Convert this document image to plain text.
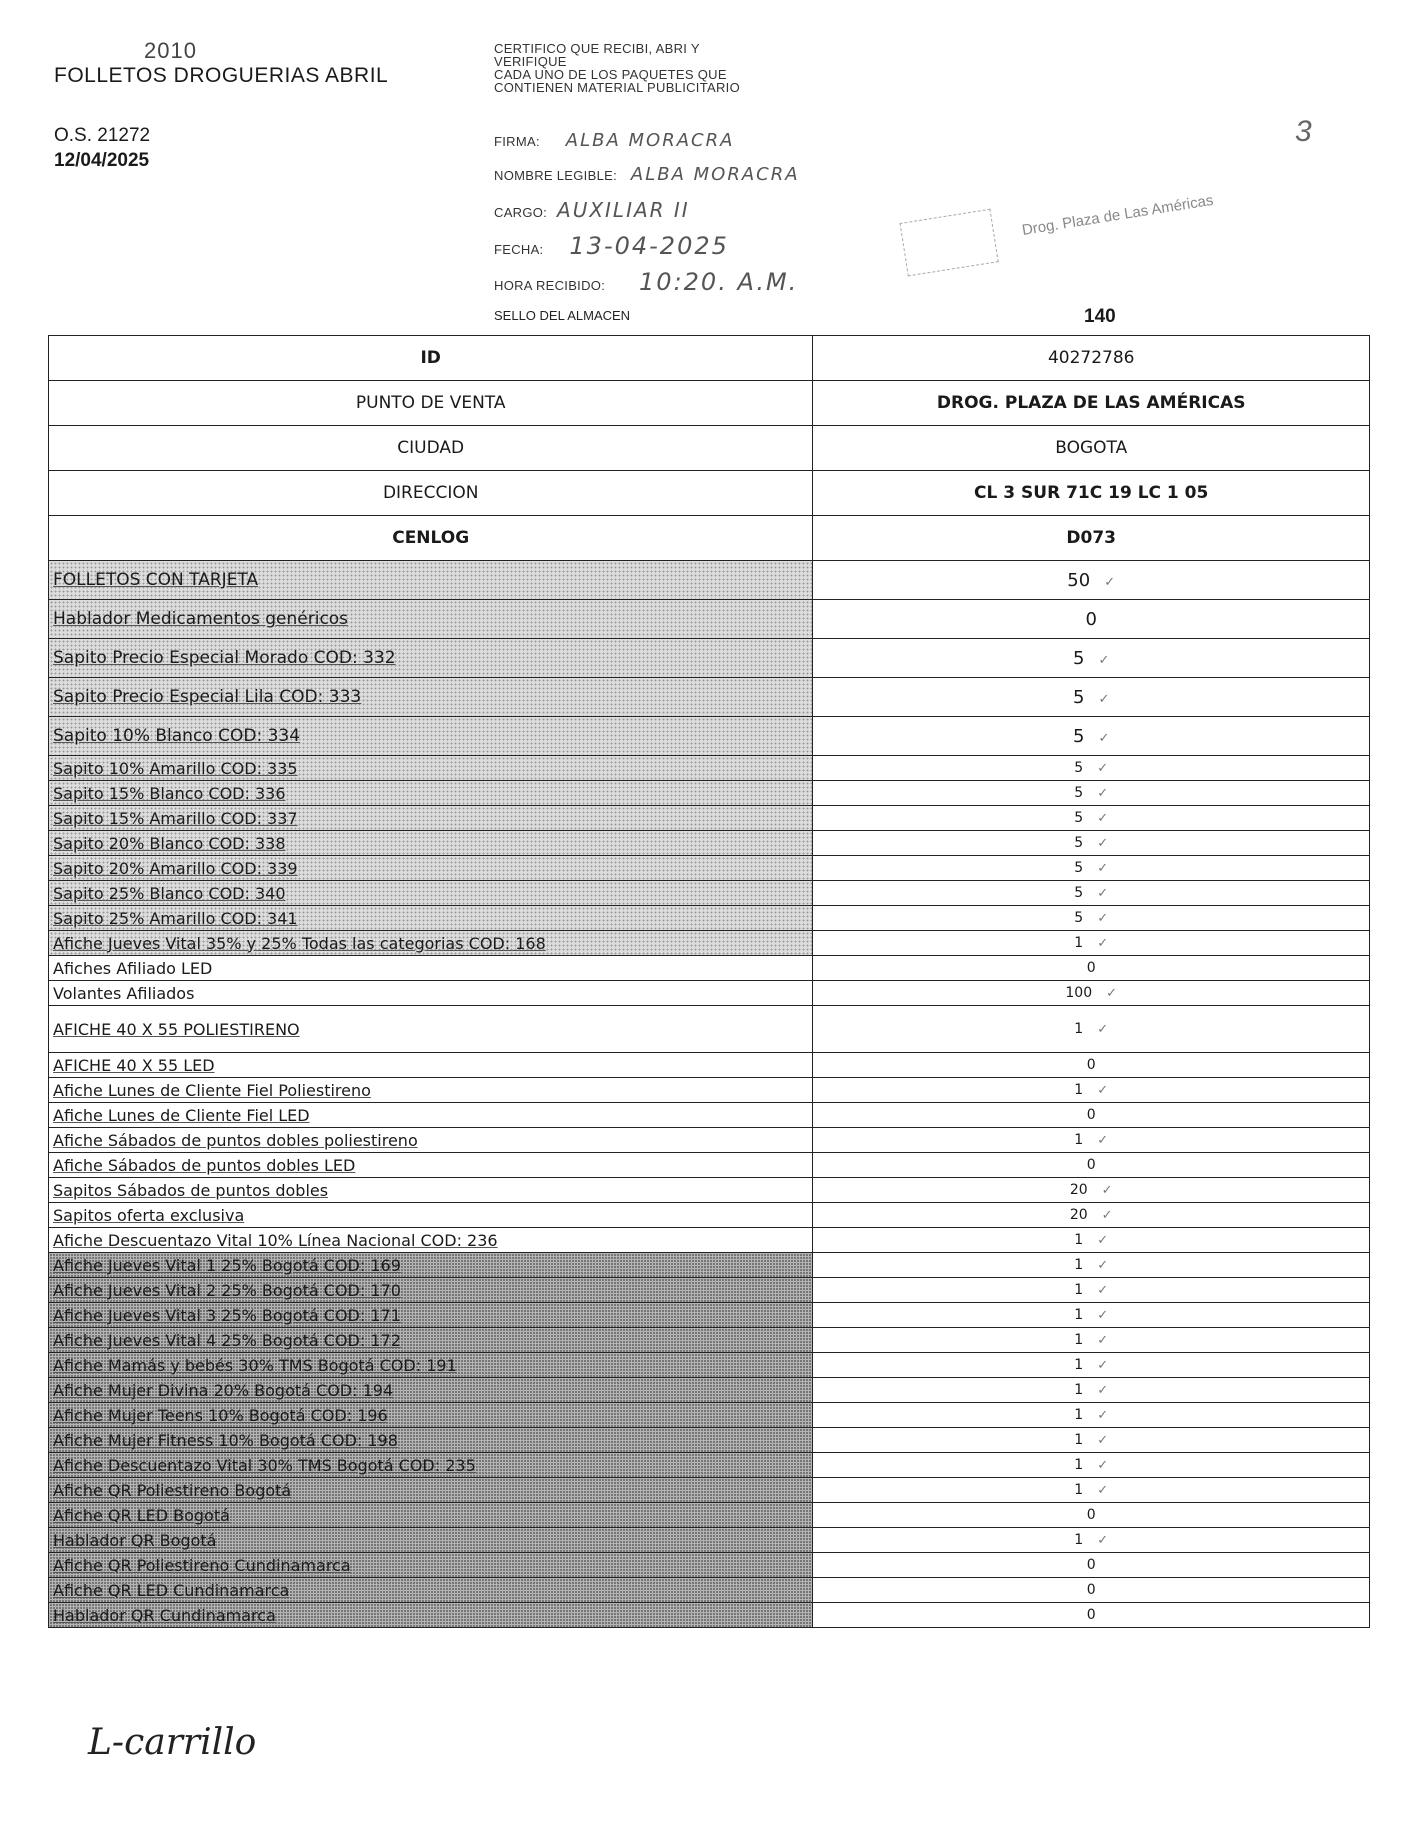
2010
FOLLETOS DROGUERIAS ABRIL
O.S. 21272
12/04/2025
CERTIFICO QUE RECIBI, ABRI Y
VERIFIQUE
CADA UNO DE LOS PAQUETES QUE
CONTIENEN MATERIAL PUBLICITARIO
FIRMA: ALBA MORACRA
NOMBRE LEGIBLE: ALBA MORACRA
CARGO: AUXILIAR II
FECHA: 13-04-2025
HORA RECIBIDO: 10:20. A.M.
Drog. Plaza de Las Américas
3
SELLO DEL ALMACEN	140
ID	40272786
PUNTO DE VENTA	DROG. PLAZA DE LAS AMÉRICAS
CIUDAD	BOGOTA
DIRECCION	CL 3 SUR 71C 19 LC 1 05
CENLOG	D073
FOLLETOS CON TARJETA	50 ✓
Hablador Medicamentos genéricos	0
Sapito Precio Especial Morado COD: 332	5 ✓
Sapito Precio Especial Lila COD: 333	5 ✓
Sapito 10% Blanco COD: 334	5 ✓
Sapito 10% Amarillo COD: 335	5 ✓
Sapito 15% Blanco COD: 336	5 ✓
Sapito 15% Amarillo COD: 337	5 ✓
Sapito 20% Blanco COD: 338	5 ✓
Sapito 20% Amarillo COD: 339	5 ✓
Sapito 25% Blanco COD: 340	5 ✓
Sapito 25% Amarillo COD: 341	5 ✓
Afiche Jueves Vital 35% y 25% Todas las categorias COD: 168	1 ✓
Afiches Afiliado LED	0
Volantes Afiliados	100 ✓
AFICHE 40 X 55 POLIESTIRENO	1 ✓
AFICHE 40 X 55 LED	0
Afiche Lunes de Cliente Fiel Poliestireno	1 ✓
Afiche Lunes de Cliente Fiel LED	0
Afiche Sábados de puntos dobles poliestireno	1 ✓
Afiche Sábados de puntos dobles LED	0
Sapitos Sábados de puntos dobles	20 ✓
Sapitos oferta exclusiva	20 ✓
Afiche Descuentazo Vital 10% Línea Nacional COD: 236	1 ✓
Afiche Jueves Vital 1 25% Bogotá COD: 169	1 ✓
Afiche Jueves Vital 2 25% Bogotá COD: 170	1 ✓
Afiche Jueves Vital 3 25% Bogotá COD: 171	1 ✓
Afiche Jueves Vital 4 25% Bogotá COD: 172	1 ✓
Afiche Mamás y bebés 30% TMS Bogotá COD: 191	1 ✓
Afiche Mujer Divina 20% Bogotá COD: 194	1 ✓
Afiche Mujer Teens 10% Bogotá COD: 196	1 ✓
Afiche Mujer Fitness 10% Bogotá COD: 198	1 ✓
Afiche Descuentazo Vital 30% TMS Bogotá COD: 235	1 ✓
Afiche QR Poliestireno Bogotá	1 ✓
Afiche QR LED Bogotá	0
Hablador QR Bogotá	1 ✓
Afiche QR Poliestireno Cundinamarca	0
Afiche QR LED Cundinamarca	0
Hablador QR Cundinamarca	0
L-carrillo
